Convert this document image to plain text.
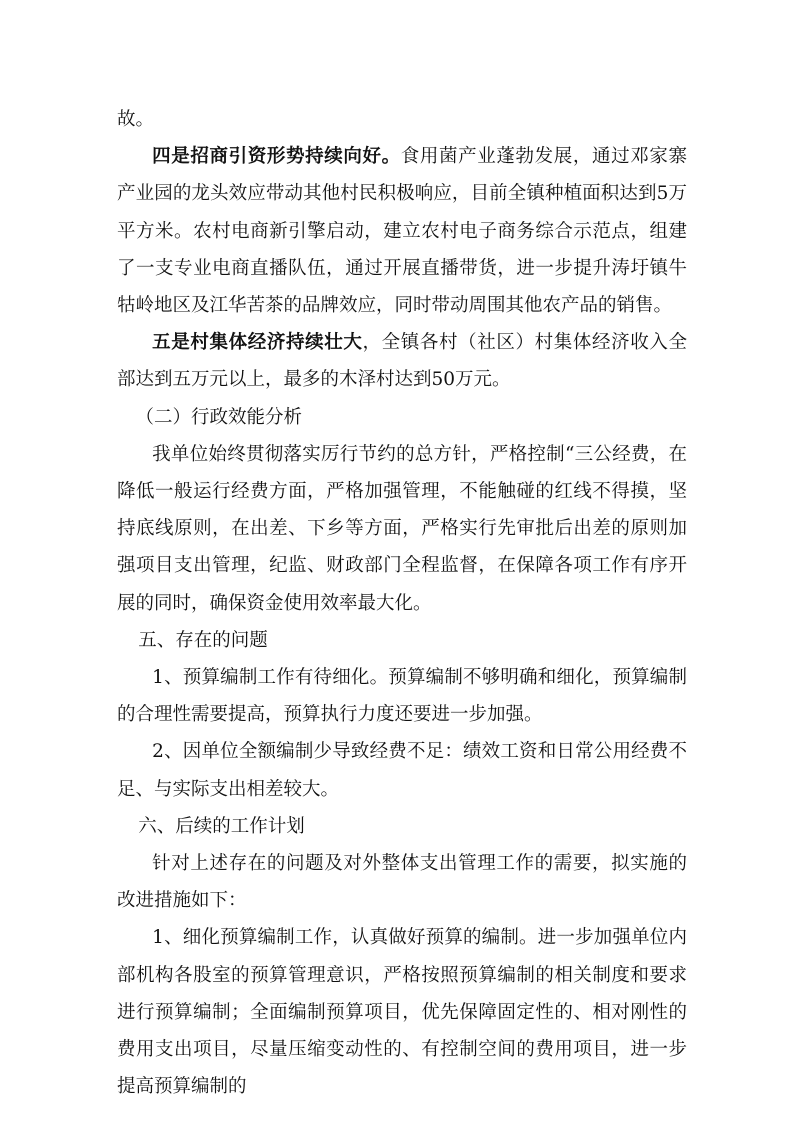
故。

四是招商引资形势持续向好。食用菌产业蓬勃发展，通过邓家寨产业园的龙头效应带动其他村民积极响应，目前全镇种植面积达到5万平方米。农村电商新引擎启动，建立农村电子商务综合示范点，组建了一支专业电商直播队伍，通过开展直播带货，进一步提升涛圩镇牛牯岭地区及江华苦茶的品牌效应，同时带动周围其他农产品的销售。

五是村集体经济持续壮大，全镇各村（社区）村集体经济收入全部达到五万元以上，最多的木泽村达到50万元。

（二）行政效能分析

我单位始终贯彻落实厉行节约的总方针，严格控制“三公经费，在降低一般运行经费方面，严格加强管理，不能触碰的红线不得摸，坚持底线原则，在出差、下乡等方面，严格实行先审批后出差的原则加强项目支出管理，纪监、财政部门全程监督，在保障各项工作有序开展的同时，确保资金使用效率最大化。

五、存在的问题

1、预算编制工作有待细化。预算编制不够明确和细化，预算编制的合理性需要提高，预算执行力度还要进一步加强。

2、因单位全额编制少导致经费不足：绩效工资和日常公用经费不足、与实际支出相差较大。

六、后续的工作计划

针对上述存在的问题及对外整体支出管理工作的需要，拟实施的改进措施如下：

1、细化预算编制工作，认真做好预算的编制。进一步加强单位内部机构各股室的预算管理意识，严格按照预算编制的相关制度和要求进行预算编制；全面编制预算项目，优先保障固定性的、相对刚性的费用支出项目，尽量压缩变动性的、有控制空间的费用项目，进一步提高预算编制的
